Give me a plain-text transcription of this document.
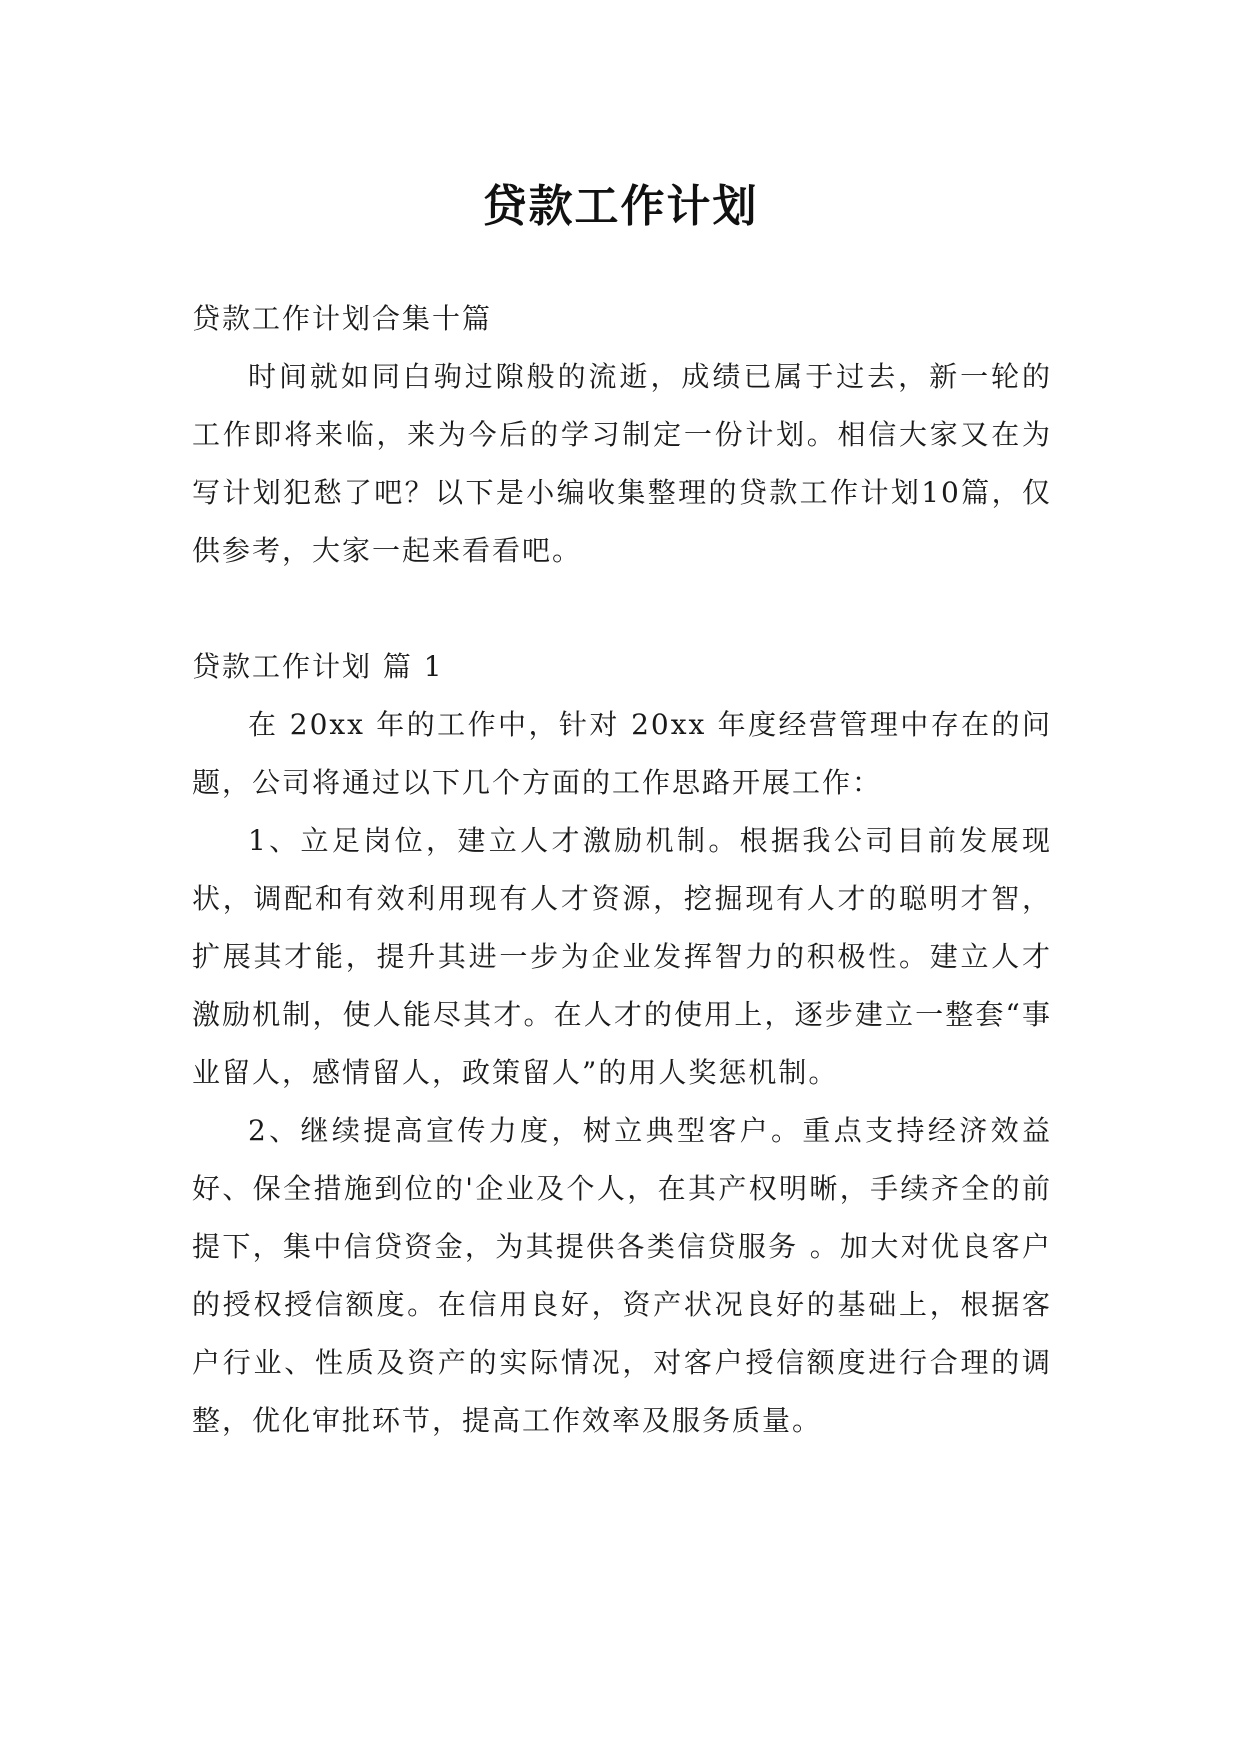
贷款工作计划

贷款工作计划合集十篇

时间就如同白驹过隙般的流逝，成绩已属于过去，新一轮的工作即将来临，来为今后的学习制定一份计划。相信大家又在为写计划犯愁了吧？以下是小编收集整理的贷款工作计划10篇，仅供参考，大家一起来看看吧。

贷款工作计划 篇 1

在 20xx 年的工作中，针对 20xx 年度经营管理中存在的问题，公司将通过以下几个方面的工作思路开展工作：

1、立足岗位，建立人才激励机制。根据我公司目前发展现状，调配和有效利用现有人才资源，挖掘现有人才的聪明才智，扩展其才能，提升其进一步为企业发挥智力的积极性。建立人才激励机制，使人能尽其才。在人才的使用上，逐步建立一整套“事业留人，感情留人，政策留人”的用人奖惩机制。

2、继续提高宣传力度，树立典型客户。重点支持经济效益好、保全措施到位的'企业及个人，在其产权明晰，手续齐全的前提下，集中信贷资金，为其提供各类信贷服务 。加大对优良客户的授权授信额度。在信用良好，资产状况良好的基础上，根据客户行业、性质及资产的实际情况，对客户授信额度进行合理的调整，优化审批环节，提高工作效率及服务质量。
